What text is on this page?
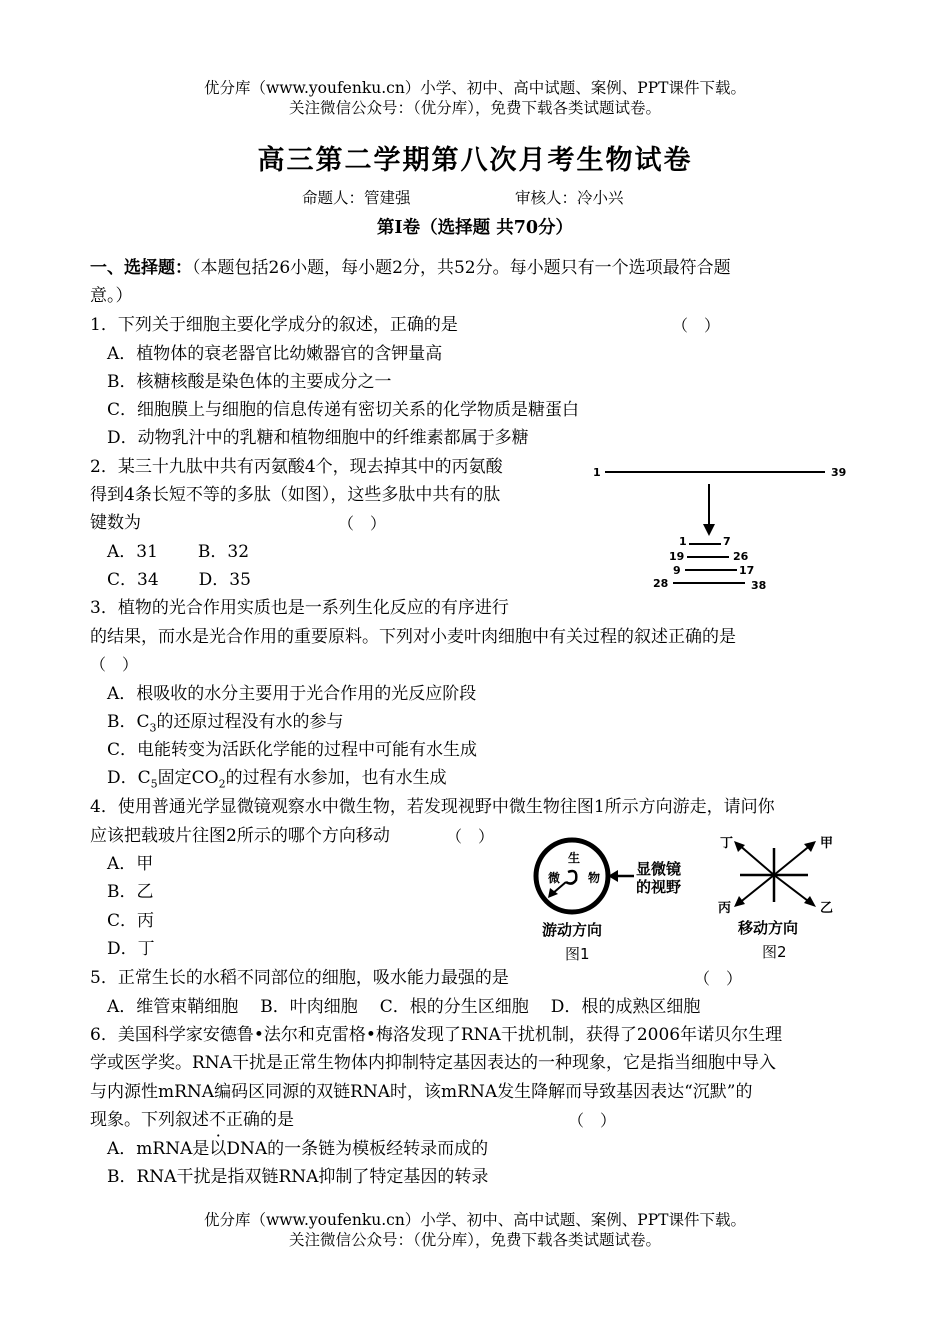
优分库（www.youfenku.cn）小学、初中、高中试题、案例、PPT课件下载。
关注微信公众号：（优分库），免费下载各类试题试卷。
高三第二学期第八次月考生物试卷
命题人：管建强	审核人：冷小兴
第Ⅰ卷（选择题 共70分）
一、选择题：（本题包括26小题，每小题2分，共52分。每小题只有一个选项最符合题
意。）
1．下列关于细胞主要化学成分的叙述，正确的是	（　）
A．植物体的衰老器官比幼嫩器官的含钾量高
B．核糖核酸是染色体的主要成分之一
C．细胞膜上与细胞的信息传递有密切关系的化学物质是糖蛋白
D．动物乳汁中的乳糖和植物细胞中的纤维素都属于多糖
2．某三十九肽中共有丙氨酸4个，现去掉其中的丙氨酸
得到4条长短不等的多肽（如图），这些多肽中共有的肽
键数为	（　）
A．31 B．32
C．34 D．35
1	39
1	7
19	26
9	17
28	38
3．植物的光合作用实质也是一系列生化反应的有序进行
的结果，而水是光合作用的重要原料。下列对小麦叶肉细胞中有关过程的叙述正确的是
（　）
A．根吸收的水分主要用于光合作用的光反应阶段
B．$C_3$的还原过程没有水的参与
C．电能转变为活跃化学能的过程中可能有水生成
D．$C_5$固定$CO_2$的过程有水参加，也有水生成
4．使用普通光学显微镜观察水中微生物，若发现视野中微生物往图1所示方向游走，请问你
应该把载玻片往图2所示的哪个方向移动	（　）
A．甲
B．乙
C．丙
D．丁
生
微 物 显微镜
的视野
游动方向
图1
丁	甲
丙	乙
移动方向
图2
5．正常生长的水稻不同部位的细胞，吸水能力最强的是	（　）
A．维管束鞘细胞 B．叶肉细胞 C．根的分生区细胞 D．根的成熟区细胞
6．美国科学家安德鲁•法尔和克雷格•梅洛发现了RNA干扰机制，获得了2006年诺贝尔生理
学或医学奖。RNA干扰是正常生物体内抑制特定基因表达的一种现象，它是指当细胞中导入
与内源性mRNA编码区同源的双链RNA时，该mRNA发生降解而导致基因表达“沉默”的
现象。下列叙述不正确的是	（　）
A．mRNA是以DNA的一条链为模板经转录而成的
B．RNA干扰是指双链RNA抑制了特定基因的转录
优分库（www.youfenku.cn）小学、初中、高中试题、案例、PPT课件下载。
关注微信公众号：（优分库），免费下载各类试题试卷。
